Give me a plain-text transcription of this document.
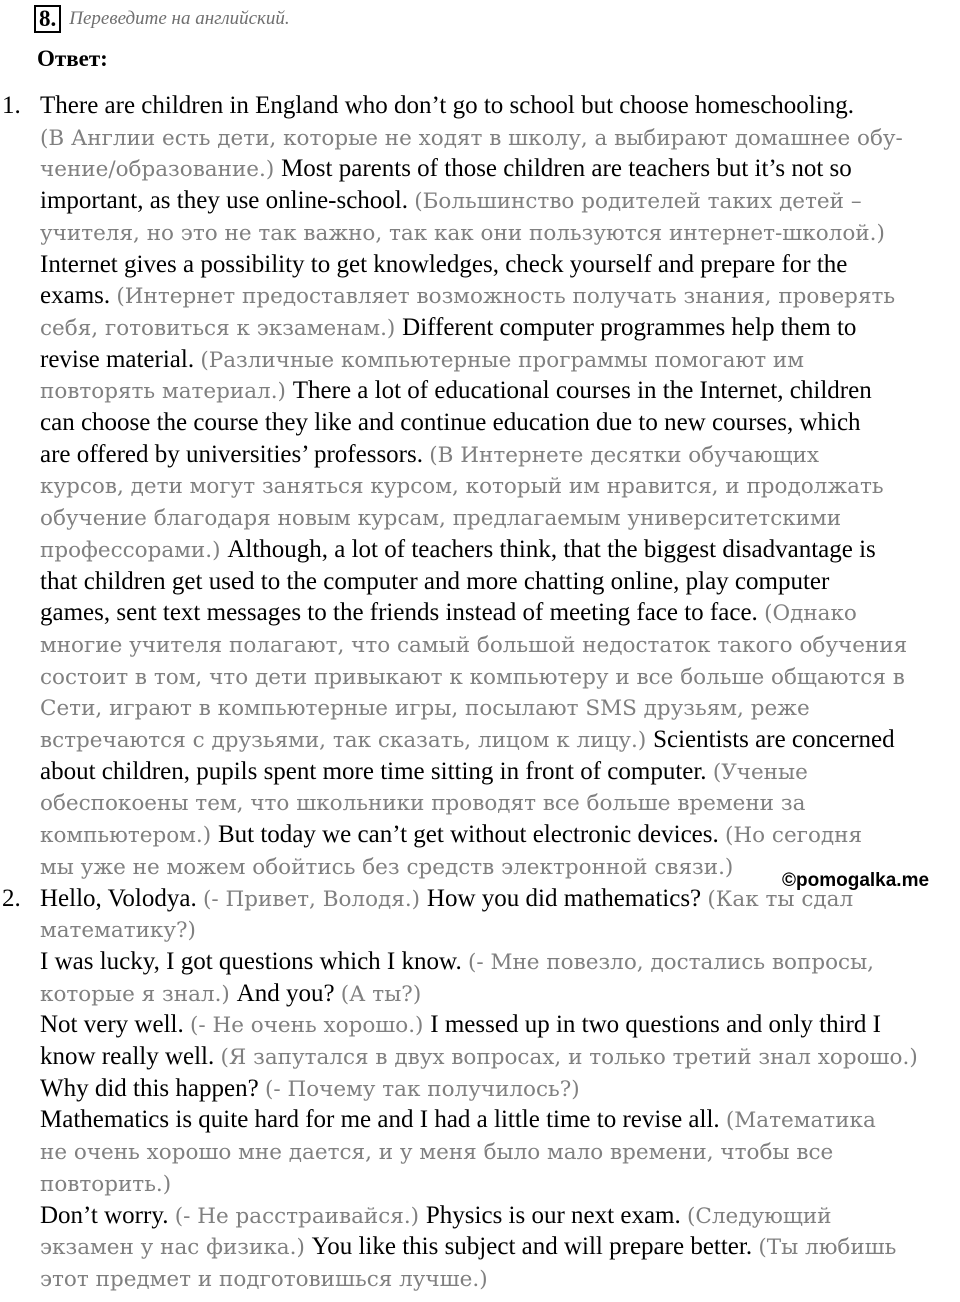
8. Переведите на английский.
Ответ:
1. There are children in England who don’t go to school but choose homeschooling.
(В Англии есть дети, которые не ходят в школу, а выбирают домашнее обу-
чение/образование.) Most parents of those children are teachers but it’s not so
important, as they use online-school. (Большинство родителей таких детей –
учителя, но это не так важно, так как они пользуются интернет-школой.)
Internet gives a possibility to get knowledges, check yourself and prepare for the
exams. (Интернет предоставляет возможность получать знания, проверять
себя, готовиться к экзаменам.) Different computer programmes help them to
revise material. (Различные компьютерные программы помогают им
повторять материал.) There a lot of educational courses in the Internet, children
can choose the course they like and continue education due to new courses, which
are offered by universities’ professors. (В Интернете десятки обучающих
курсов, дети могут заняться курсом, который им нравится, и продолжать
обучение благодаря новым курсам, предлагаемым университетскими
профессорами.) Although, a lot of teachers think, that the biggest disadvantage is
that children get used to the computer and more chatting online, play computer
games, sent text messages to the friends instead of meeting face to face. (Однако
многие учителя полагают, что самый большой недостаток такого обучения
состоит в том, что дети привыкают к компьютеру и все больше общаются в
Сети, играют в компьютерные игры, посылают SMS друзьям, реже
встречаются с друзьями, так сказать, лицом к лицу.) Scientists are concerned
about children, pupils spent more time sitting in front of computer. (Ученые
обеспокоены тем, что школьники проводят все больше времени за
компьютером.) But today we can’t get without electronic devices. (Но сегодня
мы уже не можем обойтись без средств электронной связи.)
2. Hello, Volodya. (- Привет, Володя.) How you did mathematics? (Как ты сдал
математику?)
I was lucky, I got questions which I know. (- Мне повезло, достались вопросы,
которые я знал.) And you? (А ты?)
Not very well. (- Не очень хорошо.) I messed up in two questions and only third I
know really well. (Я запутался в двух вопросах, и только третий знал хорошо.)
Why did this happen? (- Почему так получилось?)
Mathematics is quite hard for me and I had a little time to revise all. (Математика
не очень хорошо мне дается, и у меня было мало времени, чтобы все
повторить.)
Don’t worry. (- Не расстраивайся.) Physics is our next exam. (Следующий
экзамен у нас физика.) You like this subject and will prepare better. (Ты любишь
этот предмет и подготовишься лучше.)
©pomogalka.me
